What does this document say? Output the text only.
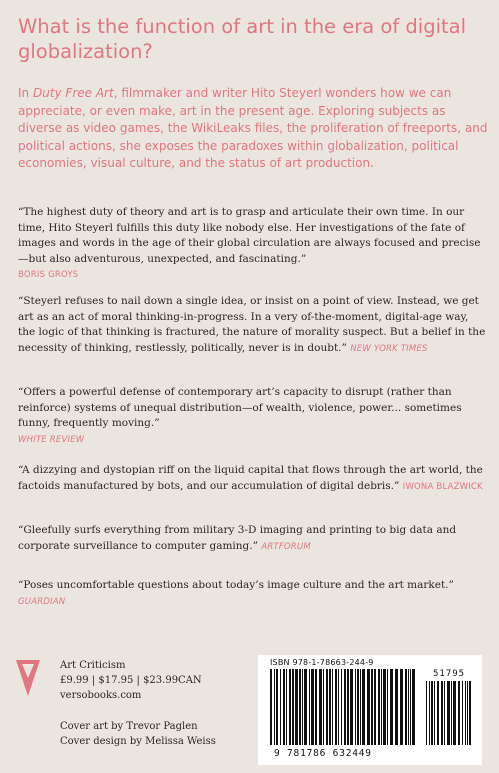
What is the function of art in the era of digital globalization?
In Duty Free Art, filmmaker and writer Hito Steyerl wonders how we can appreciate, or even make, art in the present age. Exploring subjects as diverse as video games, the WikiLeaks files, the proliferation of freeports, and political actions, she exposes the paradoxes within globalization, political economies, visual culture, and the status of art production.
“The highest duty of theory and art is to grasp and articulate their own time. In our time, Hito Steyerl fulfills this duty like nobody else. Her investigations of the fate of images and words in the age of their global circulation are always focused and precise—but also adventurous, unexpected, and fascinating.”
BORIS GROYS
“Steyerl refuses to nail down a single idea, or insist on a point of view. Instead, we get art as an act of moral thinking-in-progress. In a very of-the-moment, digital-age way, the logic of that thinking is fractured, the nature of morality suspect. But a belief in the necessity of thinking, restlessly, politically, never is in doubt.” NEW YORK TIMES
“Offers a powerful defense of contemporary art’s capacity to disrupt (rather than reinforce) systems of unequal distribution—of wealth, violence, power... sometimes funny, frequently moving.”
WHITE REVIEW
“A dizzying and dystopian riff on the liquid capital that flows through the art world, the factoids manufactured by bots, and our accumulation of digital debris.” IWONA BLAZWICK
“Gleefully surfs everything from military 3-D imaging and printing to big data and corporate surveillance to computer gaming.” ARTFORUM
“Poses uncomfortable questions about today’s image culture and the art market.” GUARDIAN
Art Criticism
£9.99 | $17.95 | $23.99CAN
versobooks.com
Cover art by Trevor Paglen
Cover design by Melissa Weiss
ISBN 978-1-78663-244-9
51795
9 781786 632449
